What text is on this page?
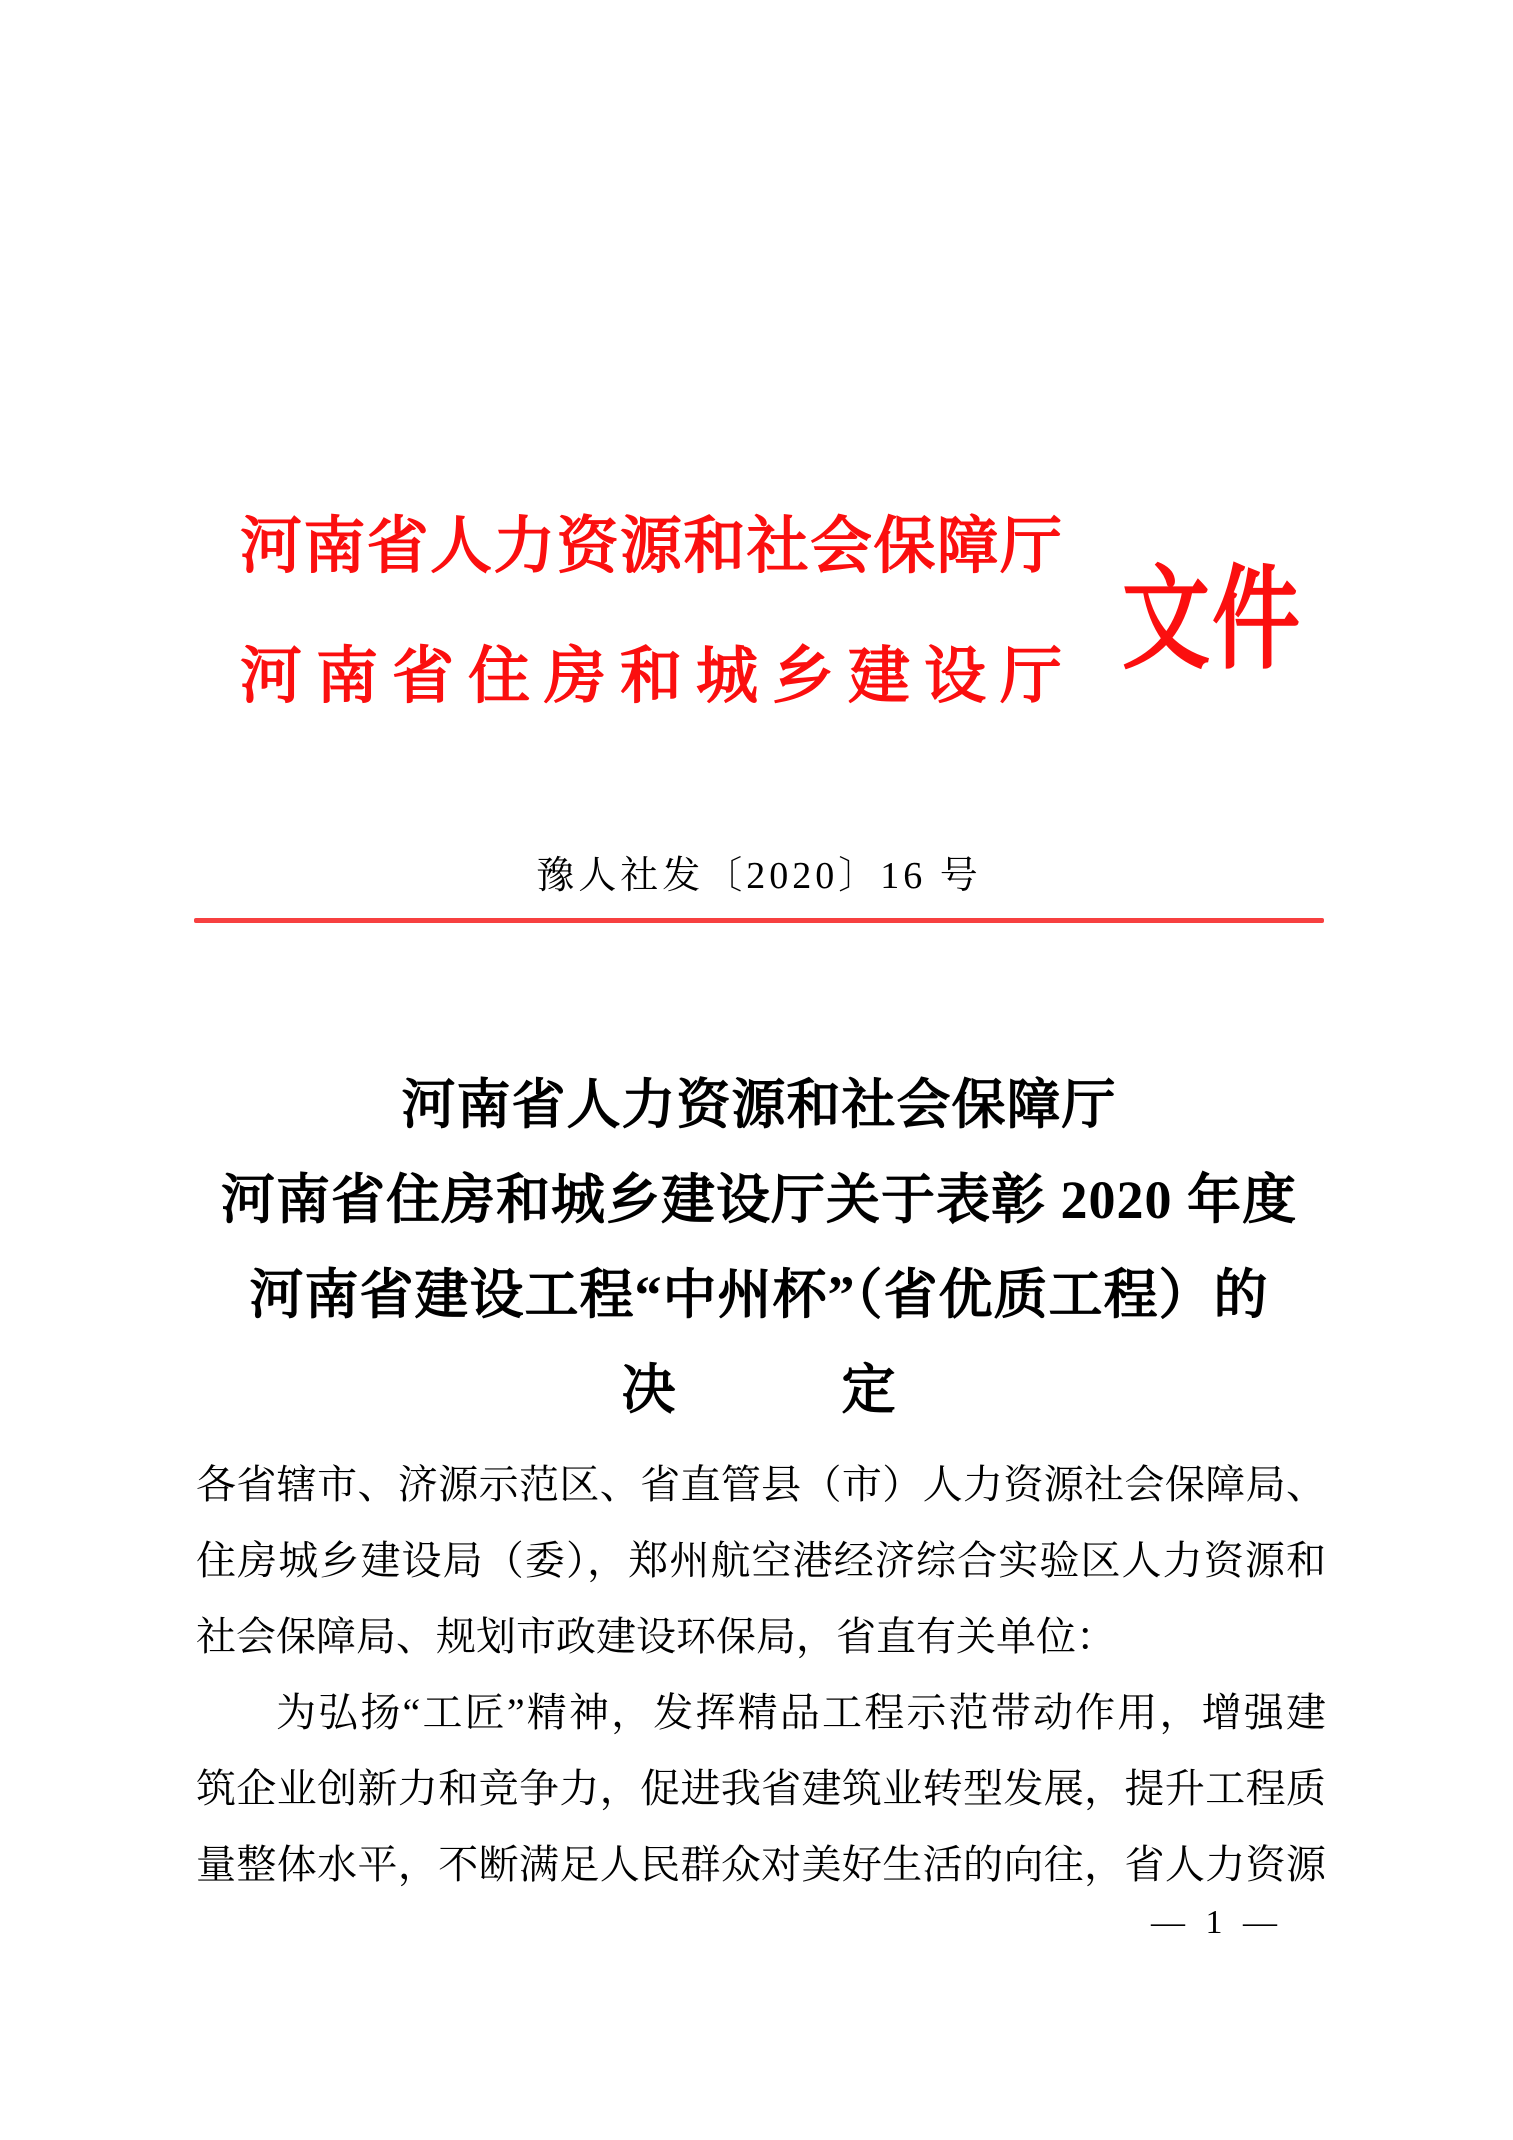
河南省人力资源和社会保障厅
河南省住房和城乡建设厅 文件
豫人社发〔2020〕16 号
河南省人力资源和社会保障厅
河南省住房和城乡建设厅关于表彰 2020 年度
河南省建设工程“中州杯”（省优质工程）的
决　　　定
各省辖市、济源示范区、省直管县（市）人力资源社会保障局、
住房城乡建设局（委），郑州航空港经济综合实验区人力资源和
社会保障局、规划市政建设环保局，省直有关单位：
为弘扬“工匠”精神，发挥精品工程示范带动作用，增强建
筑企业创新力和竞争力，促进我省建筑业转型发展，提升工程质
量整体水平，不断满足人民群众对美好生活的向往，省人力资源
— 1 —
